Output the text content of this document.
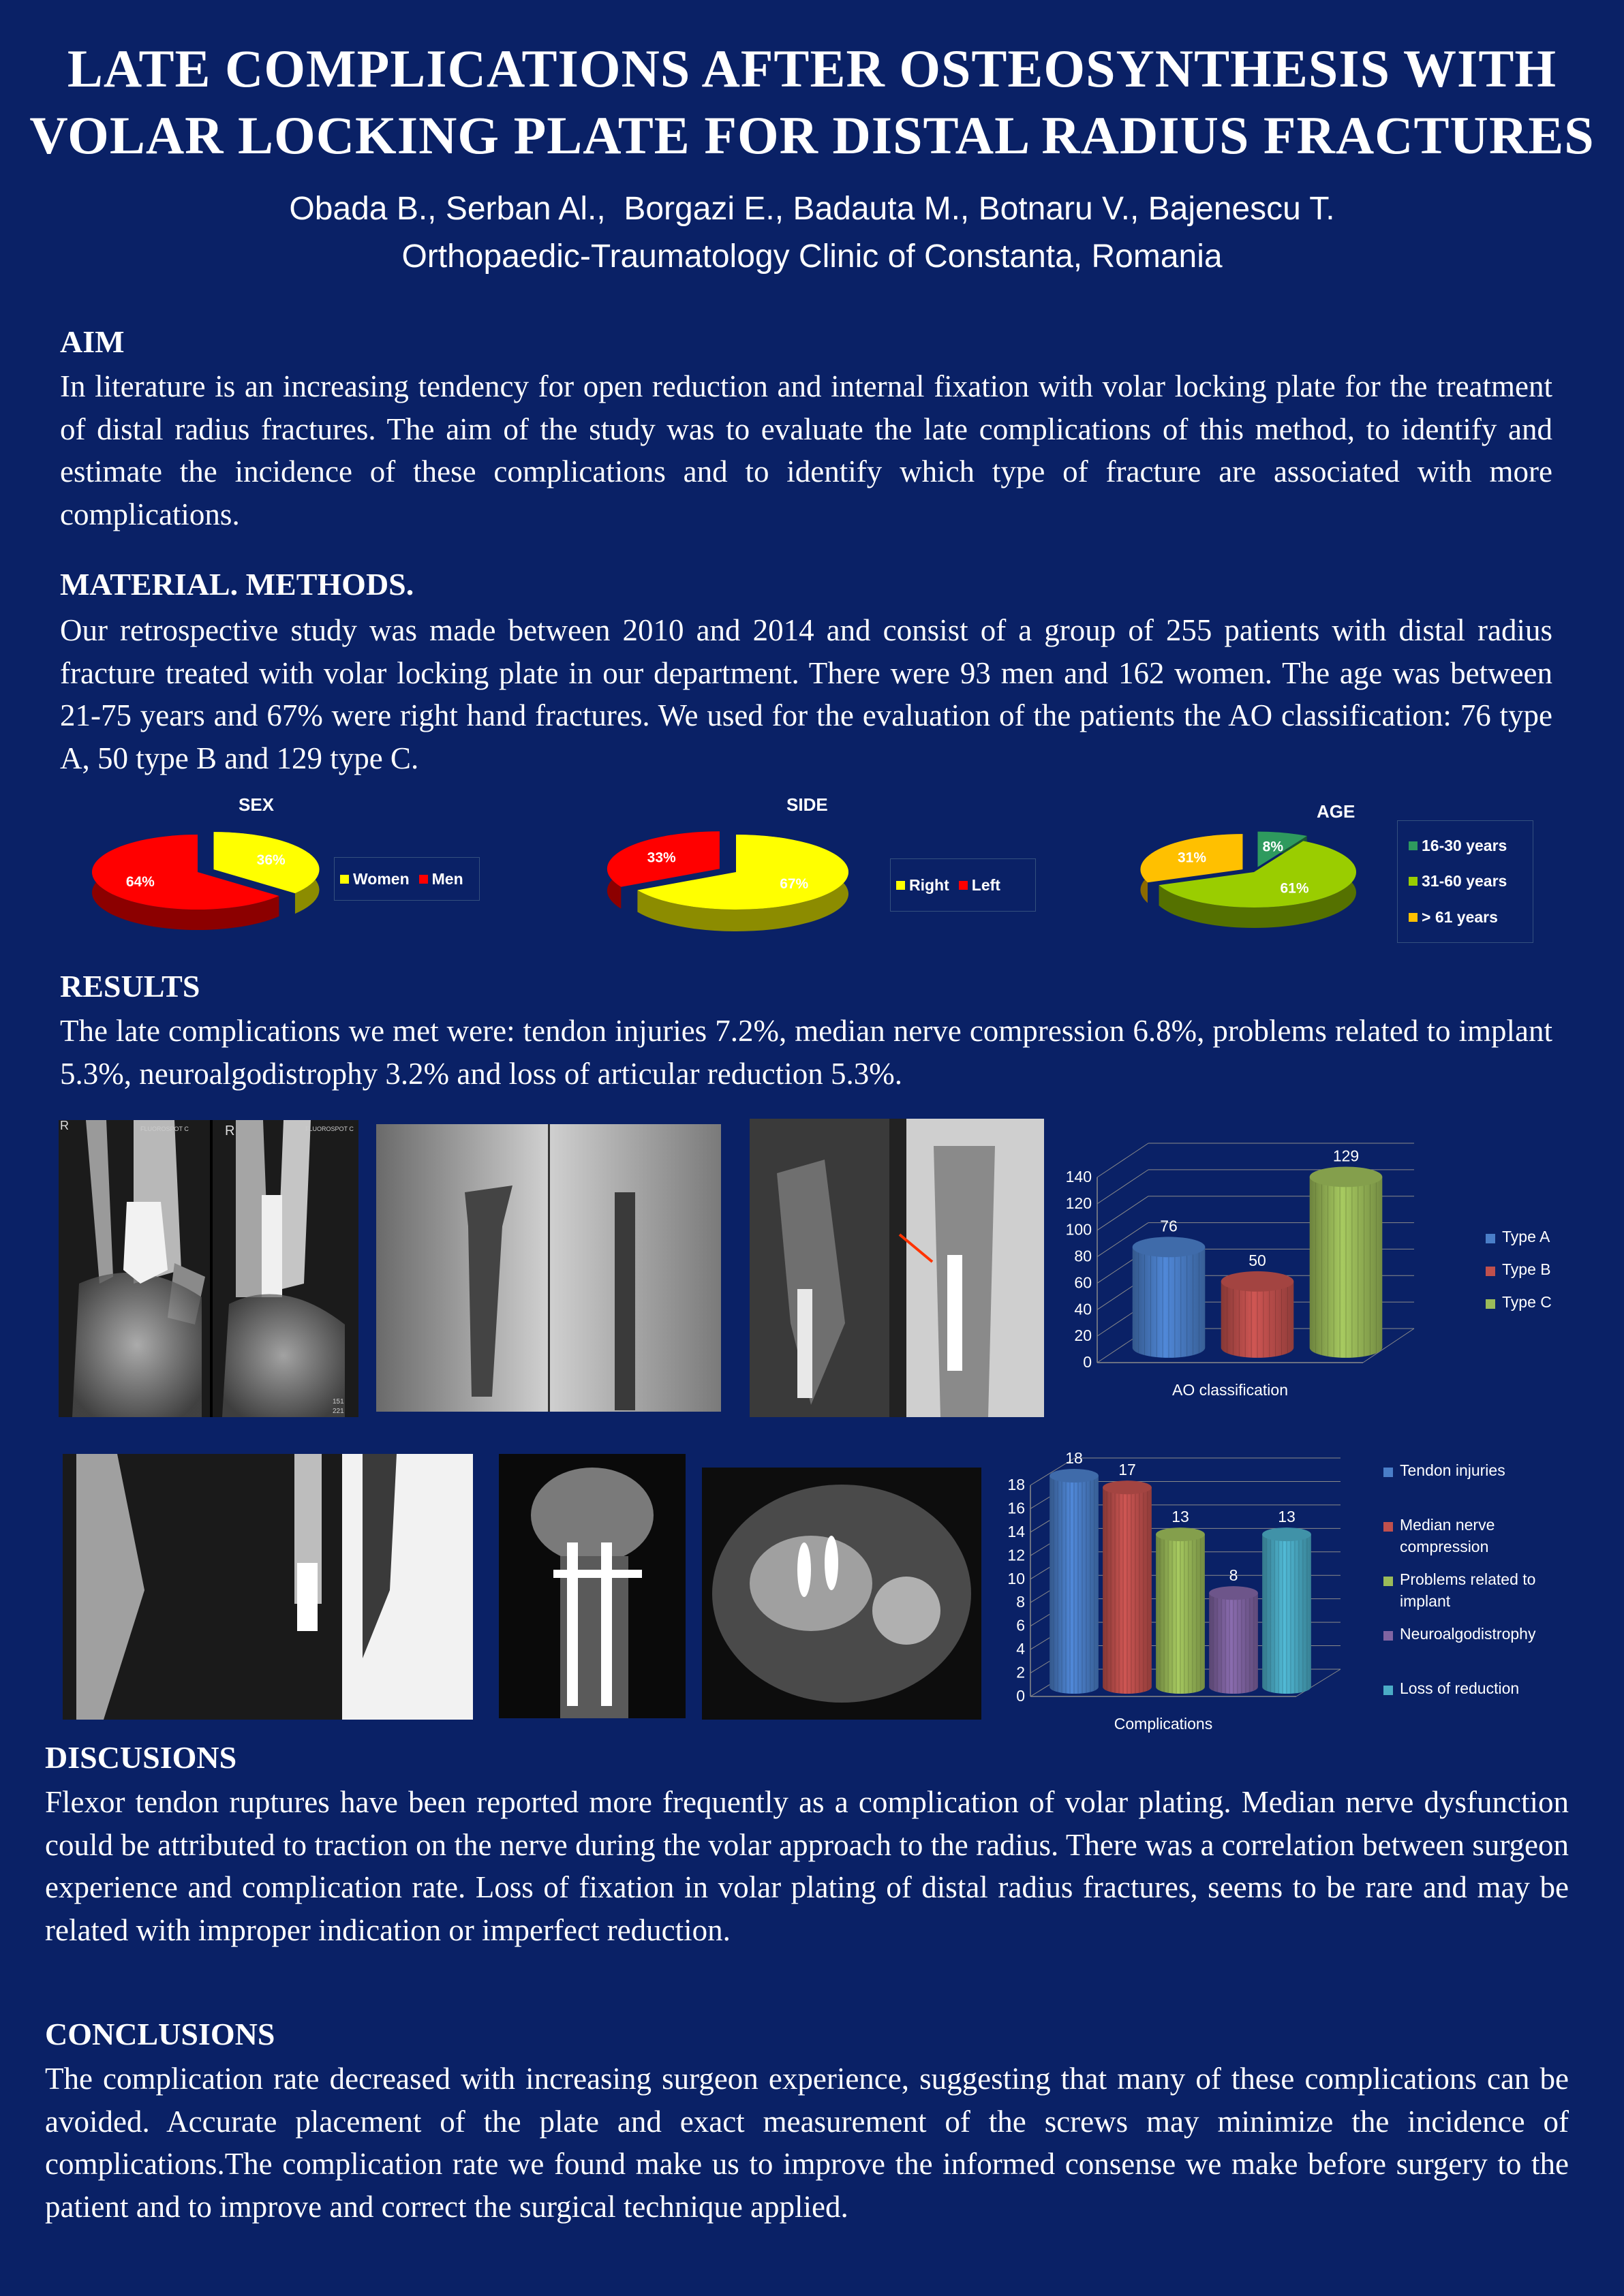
LATE COMPLICATIONS AFTER OSTEOSYNTHESIS WITH
VOLAR LOCKING PLATE FOR DISTAL RADIUS FRACTURES
Obada B., Serban Al.,  Borgazi E., Badauta M., Botnaru V., Bajenescu T.
Orthopaedic-Traumatology Clinic of Constanta, Romania
AIM
In literature is an increasing tendency for open reduction and internal fixation with volar locking plate for the treatment of distal radius fractures. The aim of the study was to evaluate the late complications of this method, to identify and estimate the incidence of these complications and to identify which type of fracture are associated with more complications.
MATERIAL. METHODS.
Our retrospective study was made between 2010 and 2014 and consist of a group of 255 patients with distal radius fracture treated with volar locking plate in our department. There were 93 men and 162 women. The age was between 21-75 years and 67% were right hand fractures. We used for the evaluation of the patients the AO classification: 76 type A, 50 type B and 129 type C.
SEX
36%
64%	Women Men
SIDE
67%
33%
Right Left
AGE
8%
61%
31%
16-30 years
31-60 years
> 61 years
RESULTS
The late complications we met were: tendon injuries 7.2%, median nerve compression 6.8%, problems related to implant 5.3%, neuroalgodistrophy 3.2% and loss of articular reduction 5.3%.
R	R
FLUOROSPOT C	FLUOROSPOT C
151
221
0
20
40
60
80
100
120
140
76
50
129
AO classification
Type A
Type B
Type C
0
2
4
6
8
10
12
14
16
18
18
17
13
8
13
Complications
Tendon injuries
Median nerve
compression
Problems related to
implant
Neuroalgodistrophy
Loss of reduction
DISCUSIONS
Flexor tendon ruptures have been reported more frequently as a complication of volar plating. Median nerve dysfunction could be attributed to traction on the nerve during the volar approach to the radius. There was a correlation between surgeon experience and complication rate. Loss of fixation in volar plating of distal radius fractures, seems to be rare and may be related with improper indication or imperfect reduction.
CONCLUSIONS
The complication rate decreased with increasing surgeon experience, suggesting that many of these complications can be avoided. Accurate placement of the plate and exact measurement of the screws may minimize the incidence of complications.The complication rate we found make us to improve the informed consense we make before surgery to the patient and to improve and correct the surgical technique applied.
